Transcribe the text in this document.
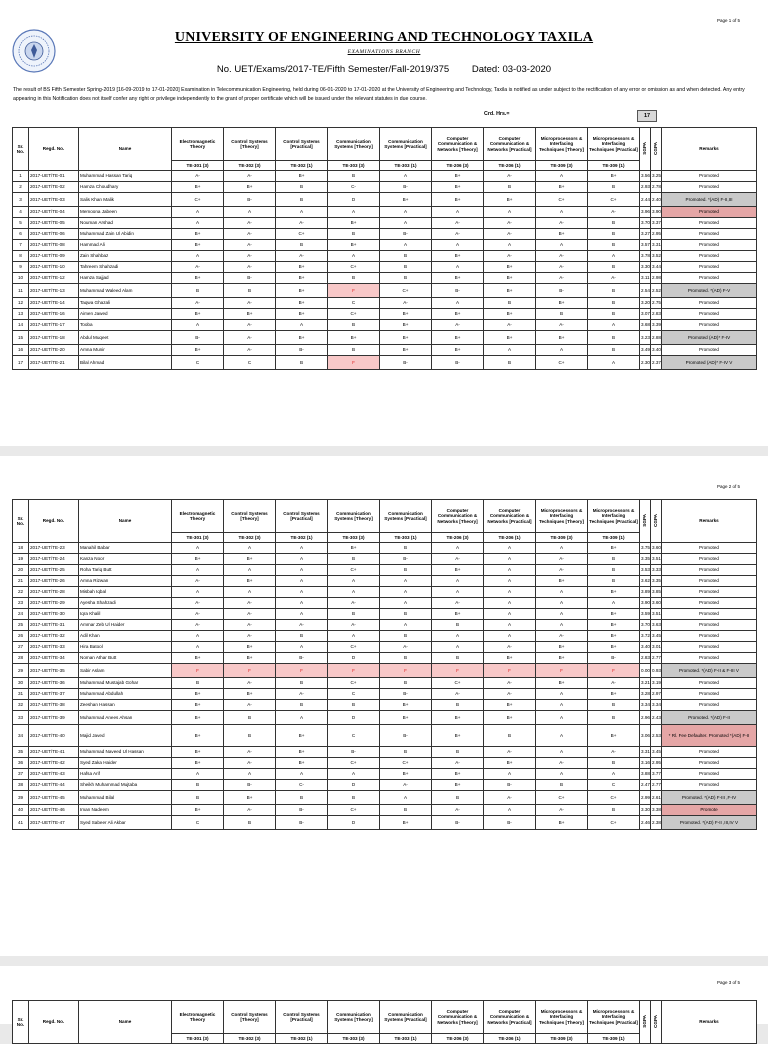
Page 1 of 5
UNIVERSITY OF ENGINEERING AND TECHNOLOGY TAXILA
EXAMINATIONS BRANCH
No. UET/Exams/2017-TE/Fifth Semester/Fall-2019/375 Dated: 03-03-2020
The result of BS Fifth Semester Spring-2019 [16-09-2019 to 17-01-2020] Examination in Telecommunication Engineering, held during 06-01-2020 to 17-01-2020 at the University of Engineering and Technology, Taxila is notified as under subject to the rectification of any error or omission as and when detected. Any entry appearing in this Notification does not itself confer any right or privilege independently to the grant of proper certificate which will be issued under the relevant statutes in due course.
Crd. Hrs.=	17
Sr. No.	Regd. No.	Name	Electromagnetic Theory	Control Systems [Theory]	Control Systems [Practical]	Communication Systems [Theory]	Communication Systems [Practical]	Computer Communication & Networks [Theory]	Computer Communication & Networks [Practical]	Microprocessors & Interfacing Techniques [Theory]	Microprocessors & Interfacing Techniques [Practical]	SGPA	CGPA	Remarks
			TE-301 (3)	TE-302 (3)	TE-302 (1)	TE-303 (3)	TE-303 (1)	TE-206 (3)	TE-206 (1)	TE-309 (3)	TE-309 (1)			
1	2017-UET/TE-01	Muhammad Hassan Tariq	A-	A-	B+	B	A	B+	A-	A	B+	3.56	3.25	Promoted
2	2017-UET/TE-02	Hamza Choudhary	B+	B+	B	C-	B-	B+	B	B+	B	2.93	2.78	Promoted
3	2017-UET/TE-03	Salis Khan Malik	C+	B-	B	D	B+	B+	B+	C+	C+	2.44	2.40	Promoted. *(AD) F-II,III
4	2017-UET/TE-04	Memoona Jabeen	A	A	A	A	A	A	A	A	A-	3.96	3.90	Promoted
5	2017-UET/TE-05	Nouman Arshad	A	A-	A-	B+	A	A-	A-	A-	B	3.70	3.37	Promoted
6	2017-UET/TE-06	Muhammad Zain Ul Abidin	B+	A-	C+	B	B-	A-	A-	B+	B	3.27	2.95	Promoted
7	2017-UET/TE-08	Hammad Ali	B+	A-	B	B+	A	A	A	A	B	3.57	3.31	Promoted
8	2017-UET/TE-09	Zain Shahbaz	A	A-	A-	A	B	B+	A-	A-	A	3.78	3.52	Promoted
9	2017-UET/TE-10	Tahreem Shahzadi	A-	A-	B+	C+	B	A	B+	A-	B	3.30	3.44	Promoted
10	2017-UET/TE-12	Hamza Sajjad	B+	B-	B+	B	B	B+	B+	A-	A-	3.11	2.98	Promoted
11	2017-UET/TE-13	Muhammad Waleed Alam	B	B	B+	F	C+	B-	B+	B-	B	2.54	2.52	Promoted. *(AD) F-V
12	2017-UET/TE-14	Taqwa Ghazali	A-	A-	B+	C	A-	A	B	B+	B	3.20	2.75	Promoted
13	2017-UET/TE-16	Aimen Jawed	B+	B+	B+	C+	B+	B+	B+	B	B	3.07	2.83	Promoted
14	2017-UET/TE-17	Tooba	A	A-	A	B	B+	A-	A-	A-	A	3.68	3.39	Promoted
15	2017-UET/TE-18	Abdul Muqeet	B-	A-	B+	B+	B+	B+	B+	B+	B	3.23	2.88	Promoted (AD)* F-IV
16	2017-UET/TE-20	Amna Munir	B+	A-	B-	B	B+	B+	A	A	B	3.49	3.40	Promoted
17	2017-UET/TE-21	Bilal Ahmad	C	C	B	F	B-	B-	B	C+	A	2.30	2.37	Promoted (AD)* F-IV V
Page 2 of 5
Sr. No.	Regd. No.	Name	Electromagnetic Theory	Control Systems [Theory]	Control Systems [Practical]	Communication Systems [Theory]	Communication Systems [Practical]	Computer Communication & Networks [Theory]	Computer Communication & Networks [Practical]	Microprocessors & Interfacing Techniques [Theory]	Microprocessors & Interfacing Techniques [Practical]	SGPA	CGPA	Remarks
			TE-301 (3)	TE-302 (3)	TE-302 (1)	TE-303 (3)	TE-303 (1)	TE-206 (3)	TE-206 (1)	TE-309 (3)	TE-309 (1)			
18	2017-UET/TE-23	Manahil Babar	A	A	A	B+	B	A	A	A	B+	3.75	3.60	Promoted
19	2017-UET/TE-24	Kanza Noor	B+	B+	A	B	B-	A-	A	A-	B	3.35	3.51	Promoted
20	2017-UET/TE-25	Roha Tariq Butt	A	A	A	C+	B	B+	A	A-	B	3.53	3.33	Promoted
21	2017-UET/TE-26	Amna Rizwan	A-	B+	A	A	A	A	A	B+	B	3.62	3.35	Promoted
22	2017-UET/TE-28	Misbah Iqbal	A	A	A	A	A	A	A	A	B+	3.89	3.85	Promoted
23	2017-UET/TE-29	Ayesha Shahzadi	A-	A-	A	A-	A	A-	A	A	A	3.90	3.60	Promoted
24	2017-UET/TE-30	Iqra Khalil	A-	A-	A	B	B	B+	A	A	B+	3.59	3.51	Promoted
25	2017-UET/TE-31	Ammar Zeb Ul Haider	A-	A-	A-	A-	A	B	A	A	B+	3.70	3.63	Promoted
26	2017-UET/TE-32	Adil Khan	A	A-	B	A	B	A	A	A-	B+	3.72	3.45	Promoted
27	2017-UET/TE-33	Hira Batool	A	B+	A	C+	A-	A	A-	B+	B+	3.40	3.01	Promoted
28	2017-UET/TE-34	Noman Athar Butt	B+	B+	B-	D	B	B	B+	B+	B-	2.83	2.77	Promoted
29	2017-UET/TE-35	Sabir Aslam	F	F	F	F	F	F	F	F	F	0.00	0.93	Promoted. *(AD) F-II & F-III V
30	2017-UET/TE-36	Muhammad Mustajab Gohar	B	A-	B	C+	B	C+	A-	B+	A-	3.21	3.19	Promoted
31	2017-UET/TE-37	Muhammad Abdullah	B+	B+	A-	C	B-	A-	A-	A	B+	3.28	2.97	Promoted
32	2017-UET/TE-38	Zeeshan Hassan	B+	A-	B	B	B+	B	B+	A	B	3.34	3.34	Promoted
33	2017-UET/TE-39	Muhammad Anees Ahsan	B+	B	A	D	B+	B+	B+	A	B	2.96	2.43	Promoted. *(AD) F-II
34	2017-UET/TE-40	Majid Javed	B+	B	B+	C	B-	B+	B	A	B+	3.06	2.53	* Rl. Fee Defaulter. Promoted *(AD) F-II
35	2017-UET/TE-41	Muhammad Naveed Ul Hassan	B+	A-	B+	B-	B	B	A-	A	A-	3.31	3.45	Promoted
36	2017-UET/TE-42	Syed Zaka Haider	B+	A-	B+	C+	C+	A-	B+	A-	B	3.16	2.95	Promoted
37	2017-UET/TE-43	Hafsa Arif	A	A	A	A	B+	B+	A	A	A	3.88	3.77	Promoted
38	2017-UET/TE-44	Sheikh Muhammad Mujtaba	B	B-	C-	D	A-	B+	B-	B	C	2.47	2.77	Promoted
39	2017-UET/TE-45	Muhammad Bilal	B	B+	B	B	A	B	A-	C+	C+	2.99	2.61	Promoted. *(AD) F-III ,F-IV
40	2017-UET/TE-46	Iman Nadeem	B+	A-	B-	C+	B	A-	A	A-	B	3.30	3.38	Promote
41	2017-UET/TE-47	Syed Sabeer Ali Akbar	C	B	B-	D	B+	B-	B-	B+	C+	2.46	2.38	Promoted. *(AD) F-II ,III,IV V
Page 3 of 5
Sr. No.	Regd. No.	Name	Electromagnetic Theory	Control Systems [Theory]	Control Systems [Practical]	Communication Systems [Theory]	Communication Systems [Practical]	Computer Communication & Networks [Theory]	Computer Communication & Networks [Practical]	Microprocessors & Interfacing Techniques [Theory]	Microprocessors & Interfacing Techniques [Practical]	SGPA	CGPA	Remarks
			TE-301 (3)	TE-302 (3)	TE-302 (1)	TE-303 (3)	TE-303 (1)	TE-206 (3)	TE-206 (1)	TE-309 (3)	TE-309 (1)			
